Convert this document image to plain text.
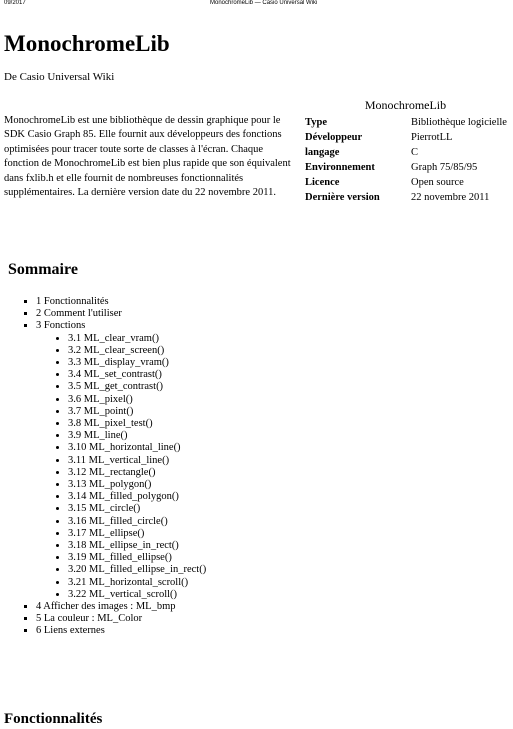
09/2017	MonochromeLib — Casio Universal Wiki
MonochromeLib
De Casio Universal Wiki

MonochromeLib est une bibliothèque de dessin graphique pour le SDK Casio Graph 85. Elle fournit aux développeurs des fonctions optimisées pour tracer toute sorte de classes à l'écran. Chaque fonction de MonochromeLib est bien plus rapide que son équivalent dans fxlib.h et elle fournit de nombreuses fonctionnalités supplémentaires. La dernière version date du 22 novembre 2011.

MonochromeLib
Type	Bibliothèque logicielle
Développeur	PierrotLL
langage	C
Environnement	Graph 75/85/95
Licence	Open source
Dernière version	22 novembre 2011
Sommaire
▪ 1 Fonctionnalités
▪ 2 Comment l'utiliser
▪ 3 Fonctions
• 3.1 ML_clear_vram()
• 3.2 ML_clear_screen()
• 3.3 ML_display_vram()
• 3.4 ML_set_contrast()
• 3.5 ML_get_contrast()
• 3.6 ML_pixel()
• 3.7 ML_point()
• 3.8 ML_pixel_test()
• 3.9 ML_line()
• 3.10 ML_horizontal_line()
• 3.11 ML_vertical_line()
• 3.12 ML_rectangle()
• 3.13 ML_polygon()
• 3.14 ML_filled_polygon()
• 3.15 ML_circle()
• 3.16 ML_filled_circle()
• 3.17 ML_ellipse()
• 3.18 ML_ellipse_in_rect()
• 3.19 ML_filled_ellipse()
• 3.20 ML_filled_ellipse_in_rect()
• 3.21 ML_horizontal_scroll()
• 3.22 ML_vertical_scroll()
▪ 4 Afficher des images : ML_bmp
▪ 5 La couleur : ML_Color
▪ 6 Liens externes
Fonctionnalités
